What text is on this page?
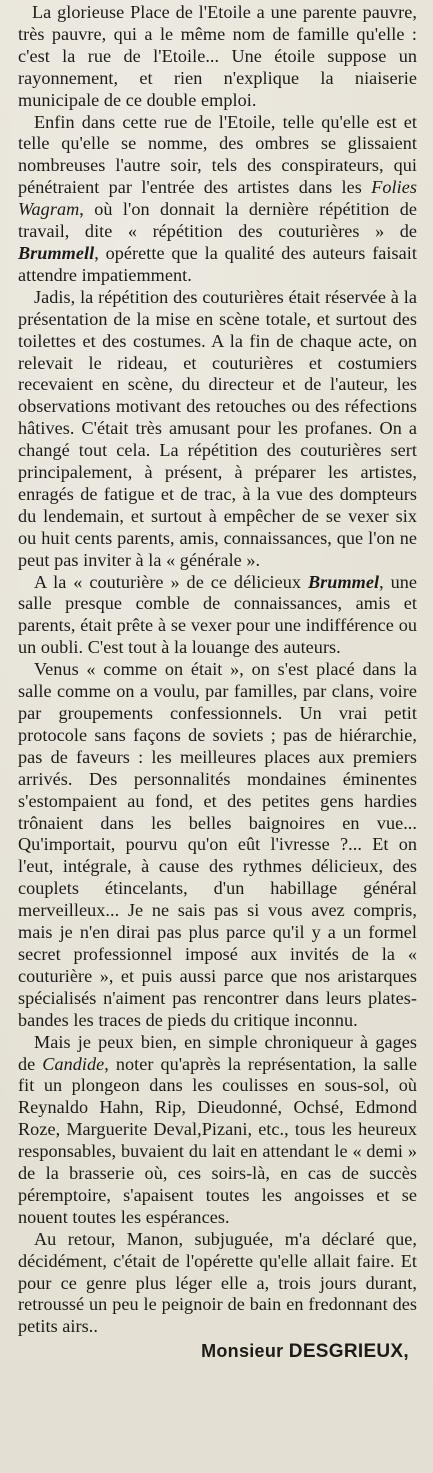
La glorieuse Place de l'Etoile a une parente pauvre, très pauvre, qui a le même nom de famille qu'elle : c'est la rue de l'Etoile... Une étoile suppose un rayonnement, et rien n'explique la niaiserie municipale de ce double emploi.

Enfin dans cette rue de l'Etoile, telle qu'elle est et telle qu'elle se nomme, des ombres se glissaient nombreuses l'autre soir, tels des conspirateurs, qui pénétraient par l'entrée des artistes dans les Folies Wagram, où l'on donnait la dernière répétition de travail, dite « répétition des couturières » de Brummell, opérette que la qualité des auteurs faisait attendre impatiemment.

Jadis, la répétition des couturières était réservée à la présentation de la mise en scène totale, et surtout des toilettes et des costumes. A la fin de chaque acte, on relevait le rideau, et couturières et costumiers recevaient en scène, du directeur et de l'auteur, les observations motivant des retouches ou des réfections hâtives. C'était très amusant pour les profanes. On a changé tout cela. La répétition des couturières sert principalement, à présent, à préparer les artistes, enragés de fatigue et de trac, à la vue des dompteurs du lendemain, et surtout à empêcher de se vexer six ou huit cents parents, amis, connaissances, que l'on ne peut pas inviter à la « générale ».

A la « couturière » de ce délicieux Brummel, une salle presque comble de connaissances, amis et parents, était prête à se vexer pour une indifférence ou un oubli. C'est tout à la louange des auteurs.

Venus « comme on était », on s'est placé dans la salle comme on a voulu, par familles, par clans, voire par groupements confessionnels. Un vrai petit protocole sans façons de soviets ; pas de hiérarchie, pas de faveurs : les meilleures places aux premiers arrivés. Des personnalités mondaines éminentes s'estompaient au fond, et des petites gens hardies trônaient dans les belles baignoires en vue... Qu'importait, pourvu qu'on eût l'ivresse ?... Et on l'eut, intégrale, à cause des rythmes délicieux, des couplets étincelants, d'un habillage général merveilleux... Je ne sais pas si vous avez compris, mais je n'en dirai pas plus parce qu'il y a un formel secret professionnel imposé aux invités de la « couturière », et puis aussi parce que nos aristarques spécialisés n'aiment pas rencontrer dans leurs plates-bandes les traces de pieds du critique inconnu.

Mais je peux bien, en simple chroniqueur à gages de Candide, noter qu'après la représentation, la salle fit un plongeon dans les coulisses en sous-sol, où Reynaldo Hahn, Rip, Dieudonné, Ochsé, Edmond Roze, Marguerite Deval,Pizani, etc., tous les heureux responsables, buvaient du lait en attendant le « demi » de la brasserie où, ces soirs-là, en cas de succès péremptoire, s'apaisent toutes les angoisses et se nouent toutes les espérances.

Au retour, Manon, subjuguée, m'a déclaré que, décidément, c'était de l'opérette qu'elle allait faire. Et pour ce genre plus léger elle a, trois jours durant, retroussé un peu le peignoir de bain en fredonnant des petits airs..

Monsieur DESGRIEUX,
